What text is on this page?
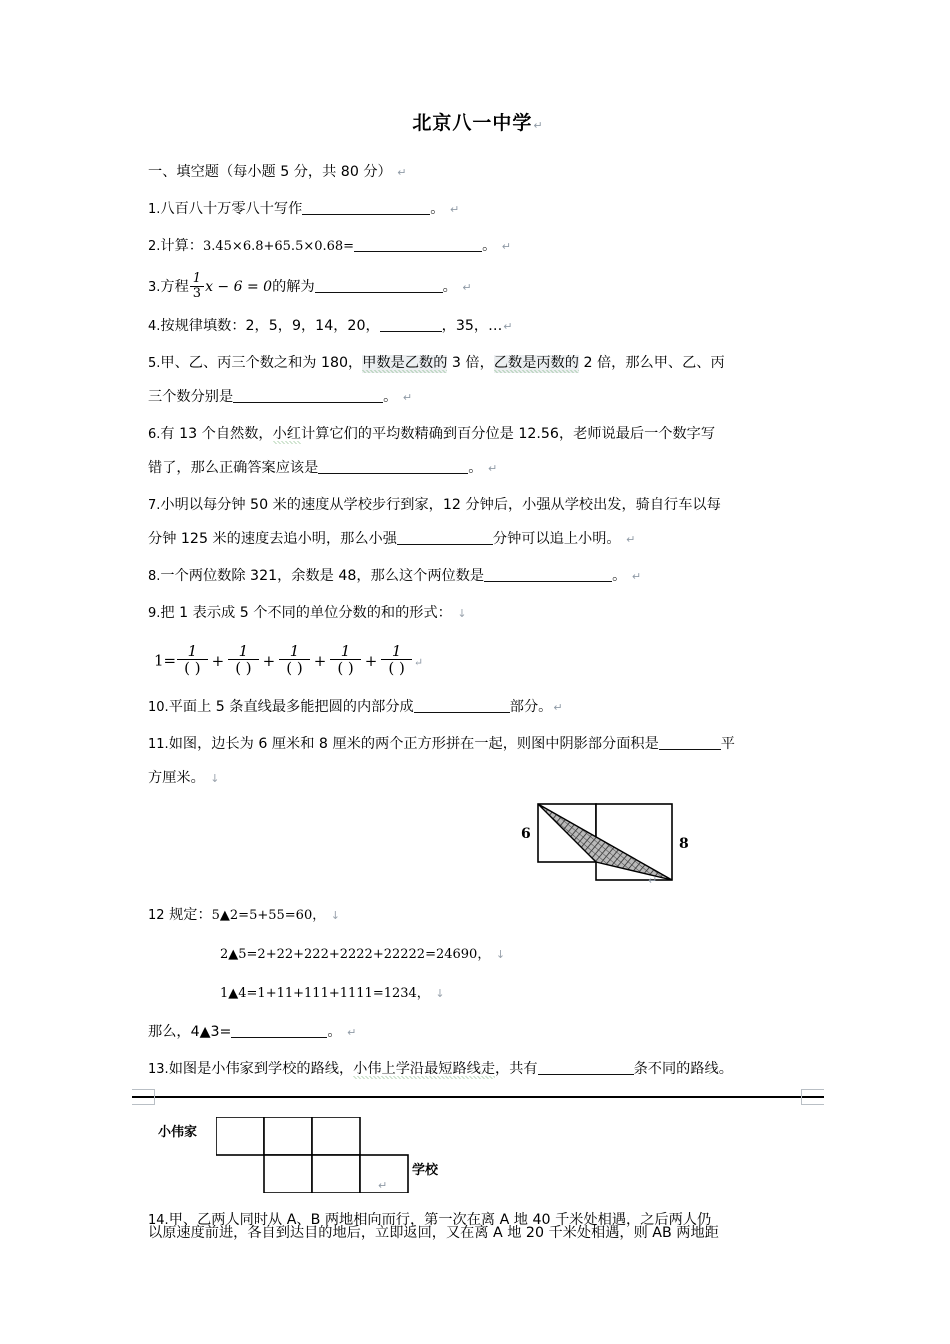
北京八一中学↵

一、填空题（每小题 5 分，共 80 分） ↵

1.八百八十万零八十写作	。 ↵

2.计算：3.45×6.8+65.5×0.68=	。 ↵

3.方程 $\frac{1}{3}$ x − 6 = 0的解为	。 ↵

4.按规律填数：2，5，9，14，20，	，35，…↵

5.甲、乙、丙三个数之和为 180，甲数是乙数的 3 倍，乙数是丙数的 2 倍，那么甲、乙、丙

三个数分别是	。 ↵

6.有 13 个自然数，小红计算它们的平均数精确到百分位是 12.56，老师说最后一个数字写

错了，那么正确答案应该是	。 ↵

7.小明以每分钟 50 米的速度从学校步行到家，12 分钟后，小强从学校出发，骑自行车以每

分钟 125 米的速度去追小明，那么小强	分钟可以追上小明。 ↵

8.一个两位数除 321，余数是 48，那么这个两位数是	。 ↵

9.把 1 表示成 5 个不同的单位分数的和的形式： ↓

$1= \frac{1}{( )} + \frac{1}{( )} + \frac{1}{( )} + \frac{1}{( )} + \frac{1}{( )}$ ↵

10.平面上 5 条直线最多能把圆的内部分成	部分。↵

11.如图，边长为 6 厘米和 8 厘米的两个正方形拼在一起，则图中阴影部分面积是	平

方厘米。 ↓

6
8
↵

12 规定：5▲2=5+55=60， ↓

2▲5=2+22+222+2222+22222=24690， ↓

1▲4=1+11+111+1111=1234， ↓

那么，4▲3=	。 ↵

13.如图是小伟家到学校的路线，小伟上学沿最短路线走，共有	条不同的路线。

小伟家
学校
↵

14.甲、乙两人同时从 A、B 两地相向而行，第一次在离 A 地 40 千米处相遇，之后两人仍

以原速度前进，各自到达目的地后，立即返回，又在离 A 地 20 千米处相遇，则 AB 两地距
